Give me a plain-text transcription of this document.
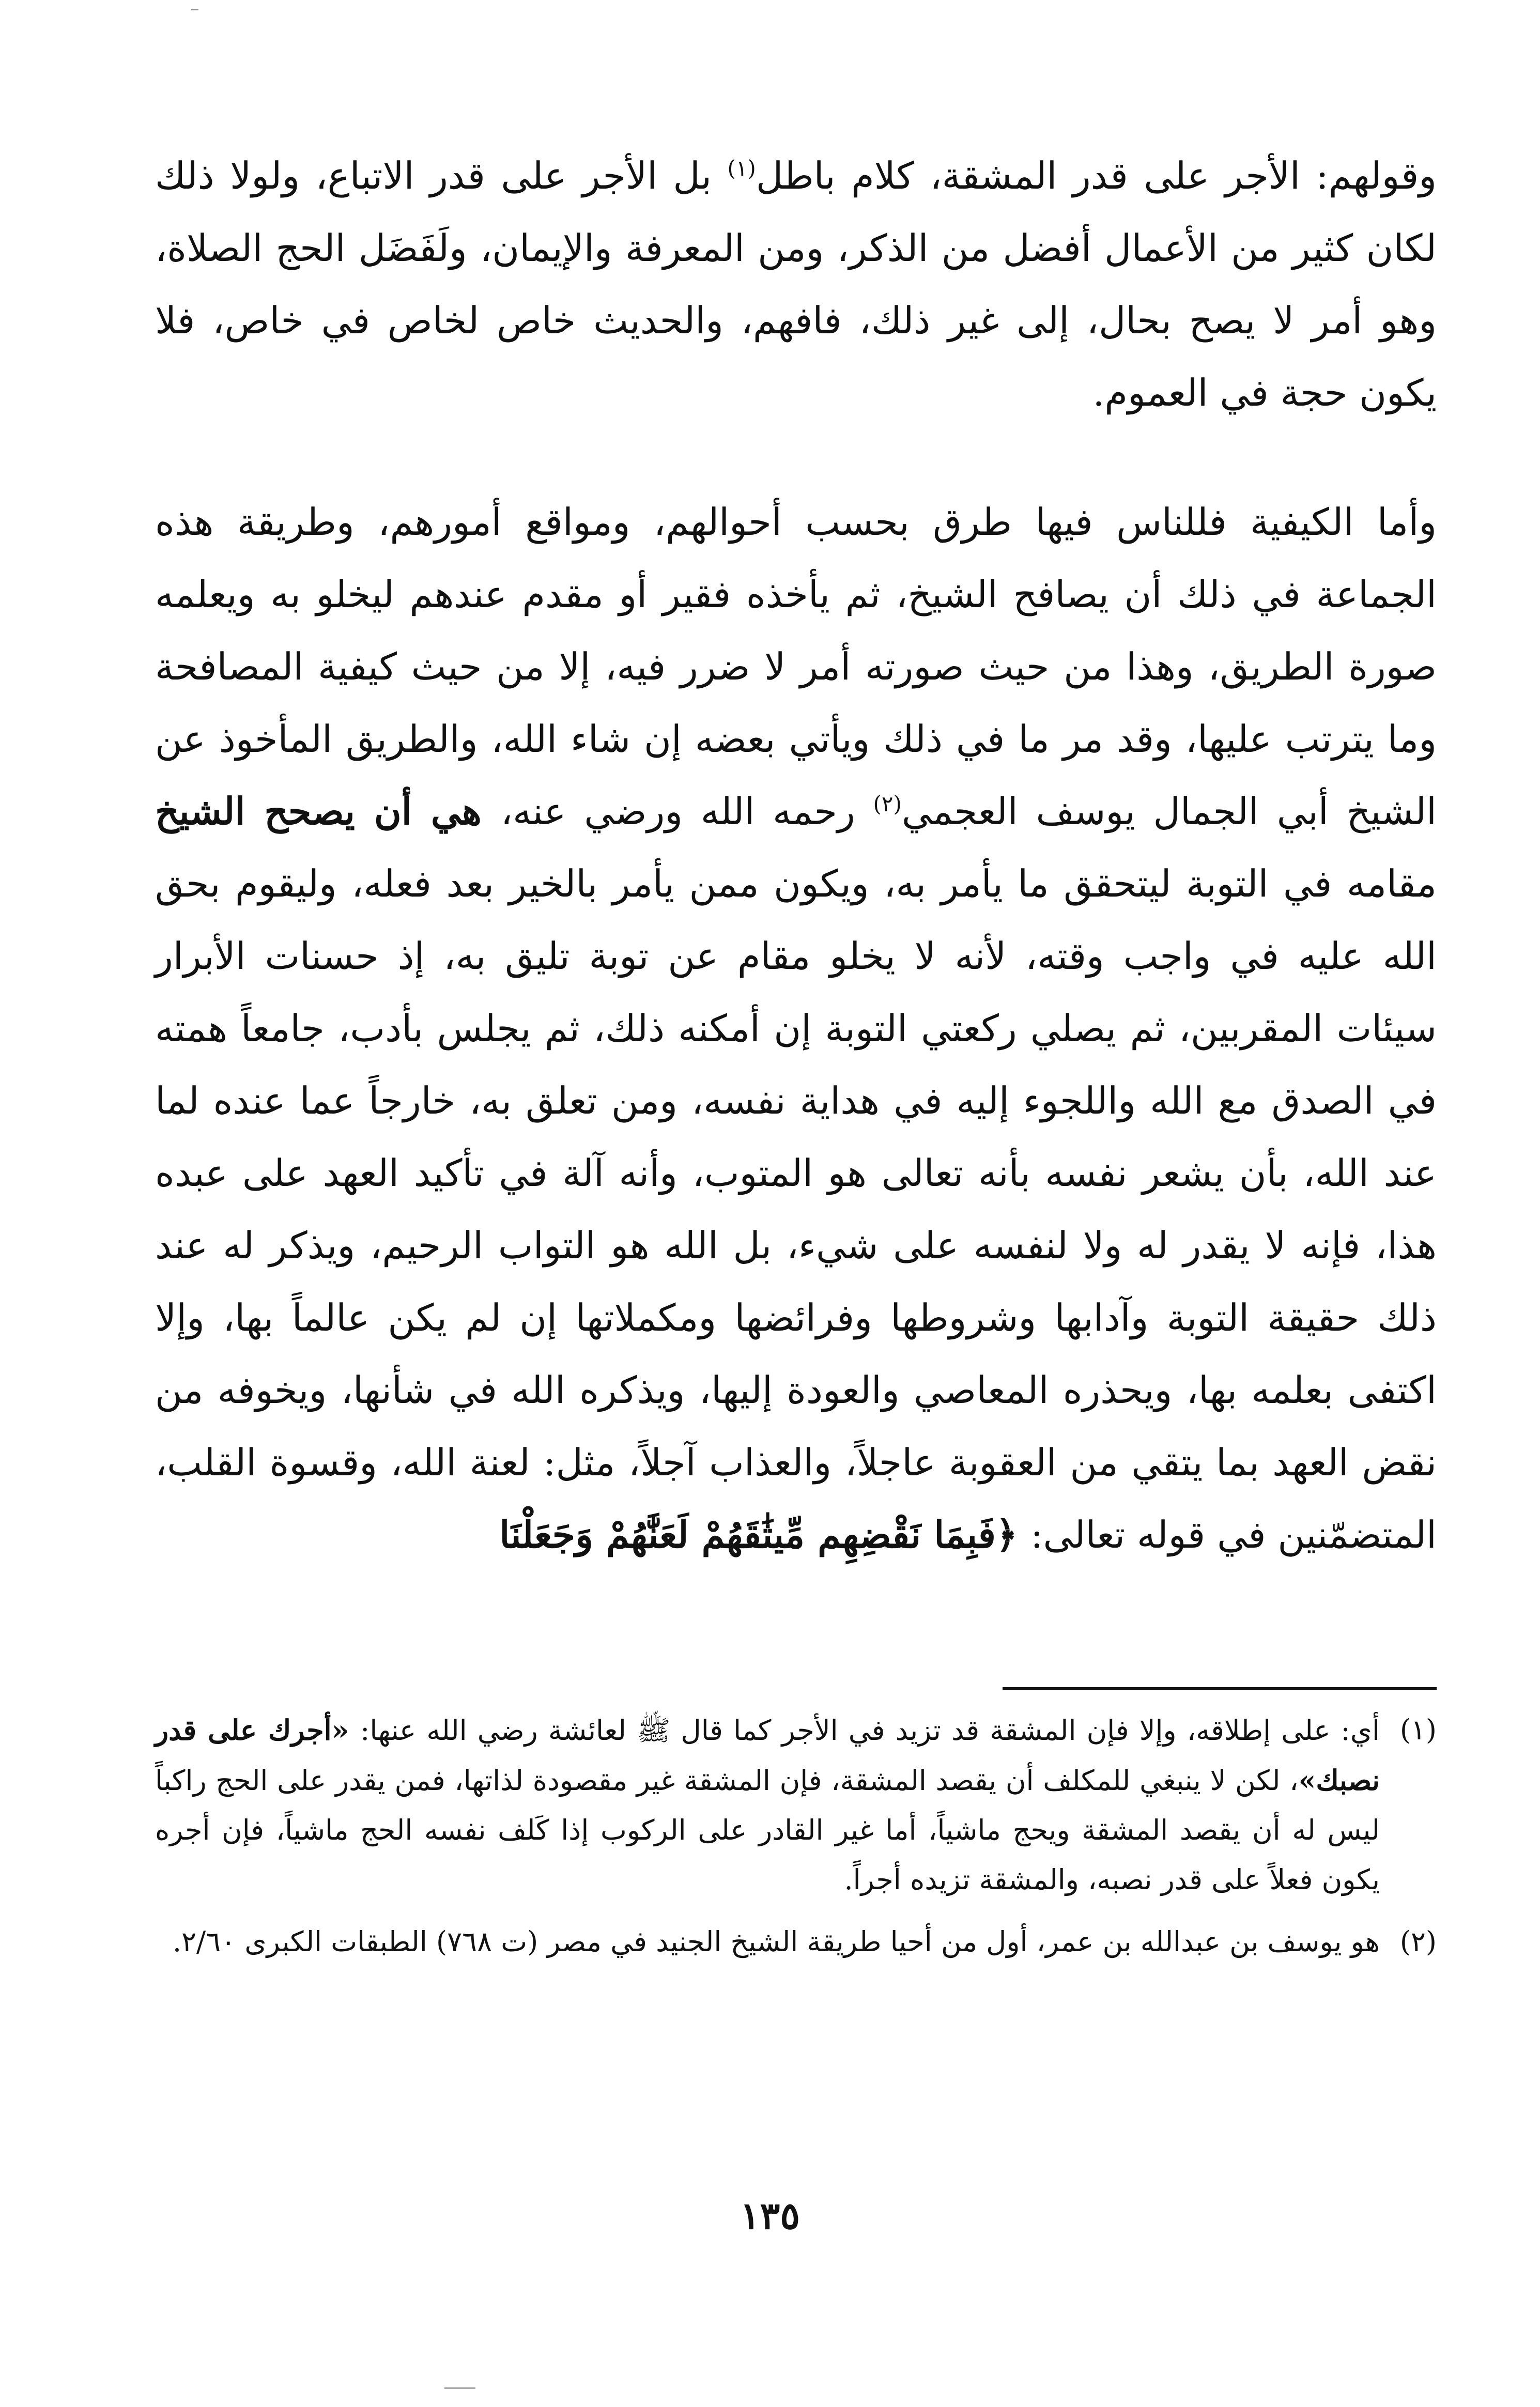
وقولهم: الأجر على قدر المشقة، كلام باطل$^{(١)}$ بل الأجر على قدر الاتباع، ولولا ذلك لكان كثير من الأعمال أفضل من الذكر، ومن المعرفة والإيمان، ولَفَضَل الحج الصلاة، وهو أمر لا يصح بحال، إلى غير ذلك، فافهم، والحديث خاص لخاص في خاص، فلا يكون حجة في العموم.

وأما الكيفية فللناس فيها طرق بحسب أحوالهم، ومواقع أمورهم، وطريقة هذه الجماعة في ذلك أن يصافح الشيخ، ثم يأخذه فقير أو مقدم عندهم ليخلو به ويعلمه صورة الطريق، وهذا من حيث صورته أمر لا ضرر فيه، إلا من حيث كيفية المصافحة وما يترتب عليها، وقد مر ما في ذلك ويأتي بعضه إن شاء الله، والطريق المأخوذ عن الشيخ أبي الجمال يوسف العجمي$^{(٢)}$ رحمه الله ورضي عنه، هي أن يصحح الشيخ مقامه في التوبة ليتحقق ما يأمر به، ويكون ممن يأمر بالخير بعد فعله، وليقوم بحق الله عليه في واجب وقته، لأنه لا يخلو مقام عن توبة تليق به، إذ حسنات الأبرار سيئات المقربين، ثم يصلي ركعتي التوبة إن أمكنه ذلك، ثم يجلس بأدب، جامعاً همته في الصدق مع الله واللجوء إليه في هداية نفسه، ومن تعلق به، خارجاً عما عنده لما عند الله، بأن يشعر نفسه بأنه تعالى هو المتوب، وأنه آلة في تأكيد العهد على عبده هذا، فإنه لا يقدر له ولا لنفسه على شيء، بل الله هو التواب الرحيم، ويذكر له عند ذلك حقيقة التوبة وآدابها وشروطها وفرائضها ومكملاتها إن لم يكن عالماً بها، وإلا اكتفى بعلمه بها، ويحذره المعاصي والعودة إليها، ويذكره الله في شأنها، ويخوفه من نقض العهد بما يتقي من العقوبة عاجلاً، والعذاب آجلاً، مثل: لعنة الله، وقسوة القلب، المتضمّنين في قوله تعالى: ﴿فَبِمَا نَقْضِهِم مِّيثَٰقَهُمْ لَعَنَّٰهُمْ وَجَعَلْنَا

(١)
أي: على إطلاقه، وإلا فإن المشقة قد تزيد في الأجر كما قال ﷺ لعائشة رضي الله عنها: «أجرك على قدر نصبك»، لكن لا ينبغي للمكلف أن يقصد المشقة، فإن المشقة غير مقصودة لذاتها، فمن يقدر على الحج راكباً ليس له أن يقصد المشقة ويحج ماشياً، أما غير القادر على الركوب إذا كَلف نفسه الحج ماشياً، فإن أجره يكون فعلاً على قدر نصبه، والمشقة تزيده أجراً.
(٢)
هو يوسف بن عبدالله بن عمر، أول من أحيا طريقة الشيخ الجنيد في مصر (ت ٧٦٨) الطبقات الكبرى ٢/٦٠.
١٣٥
